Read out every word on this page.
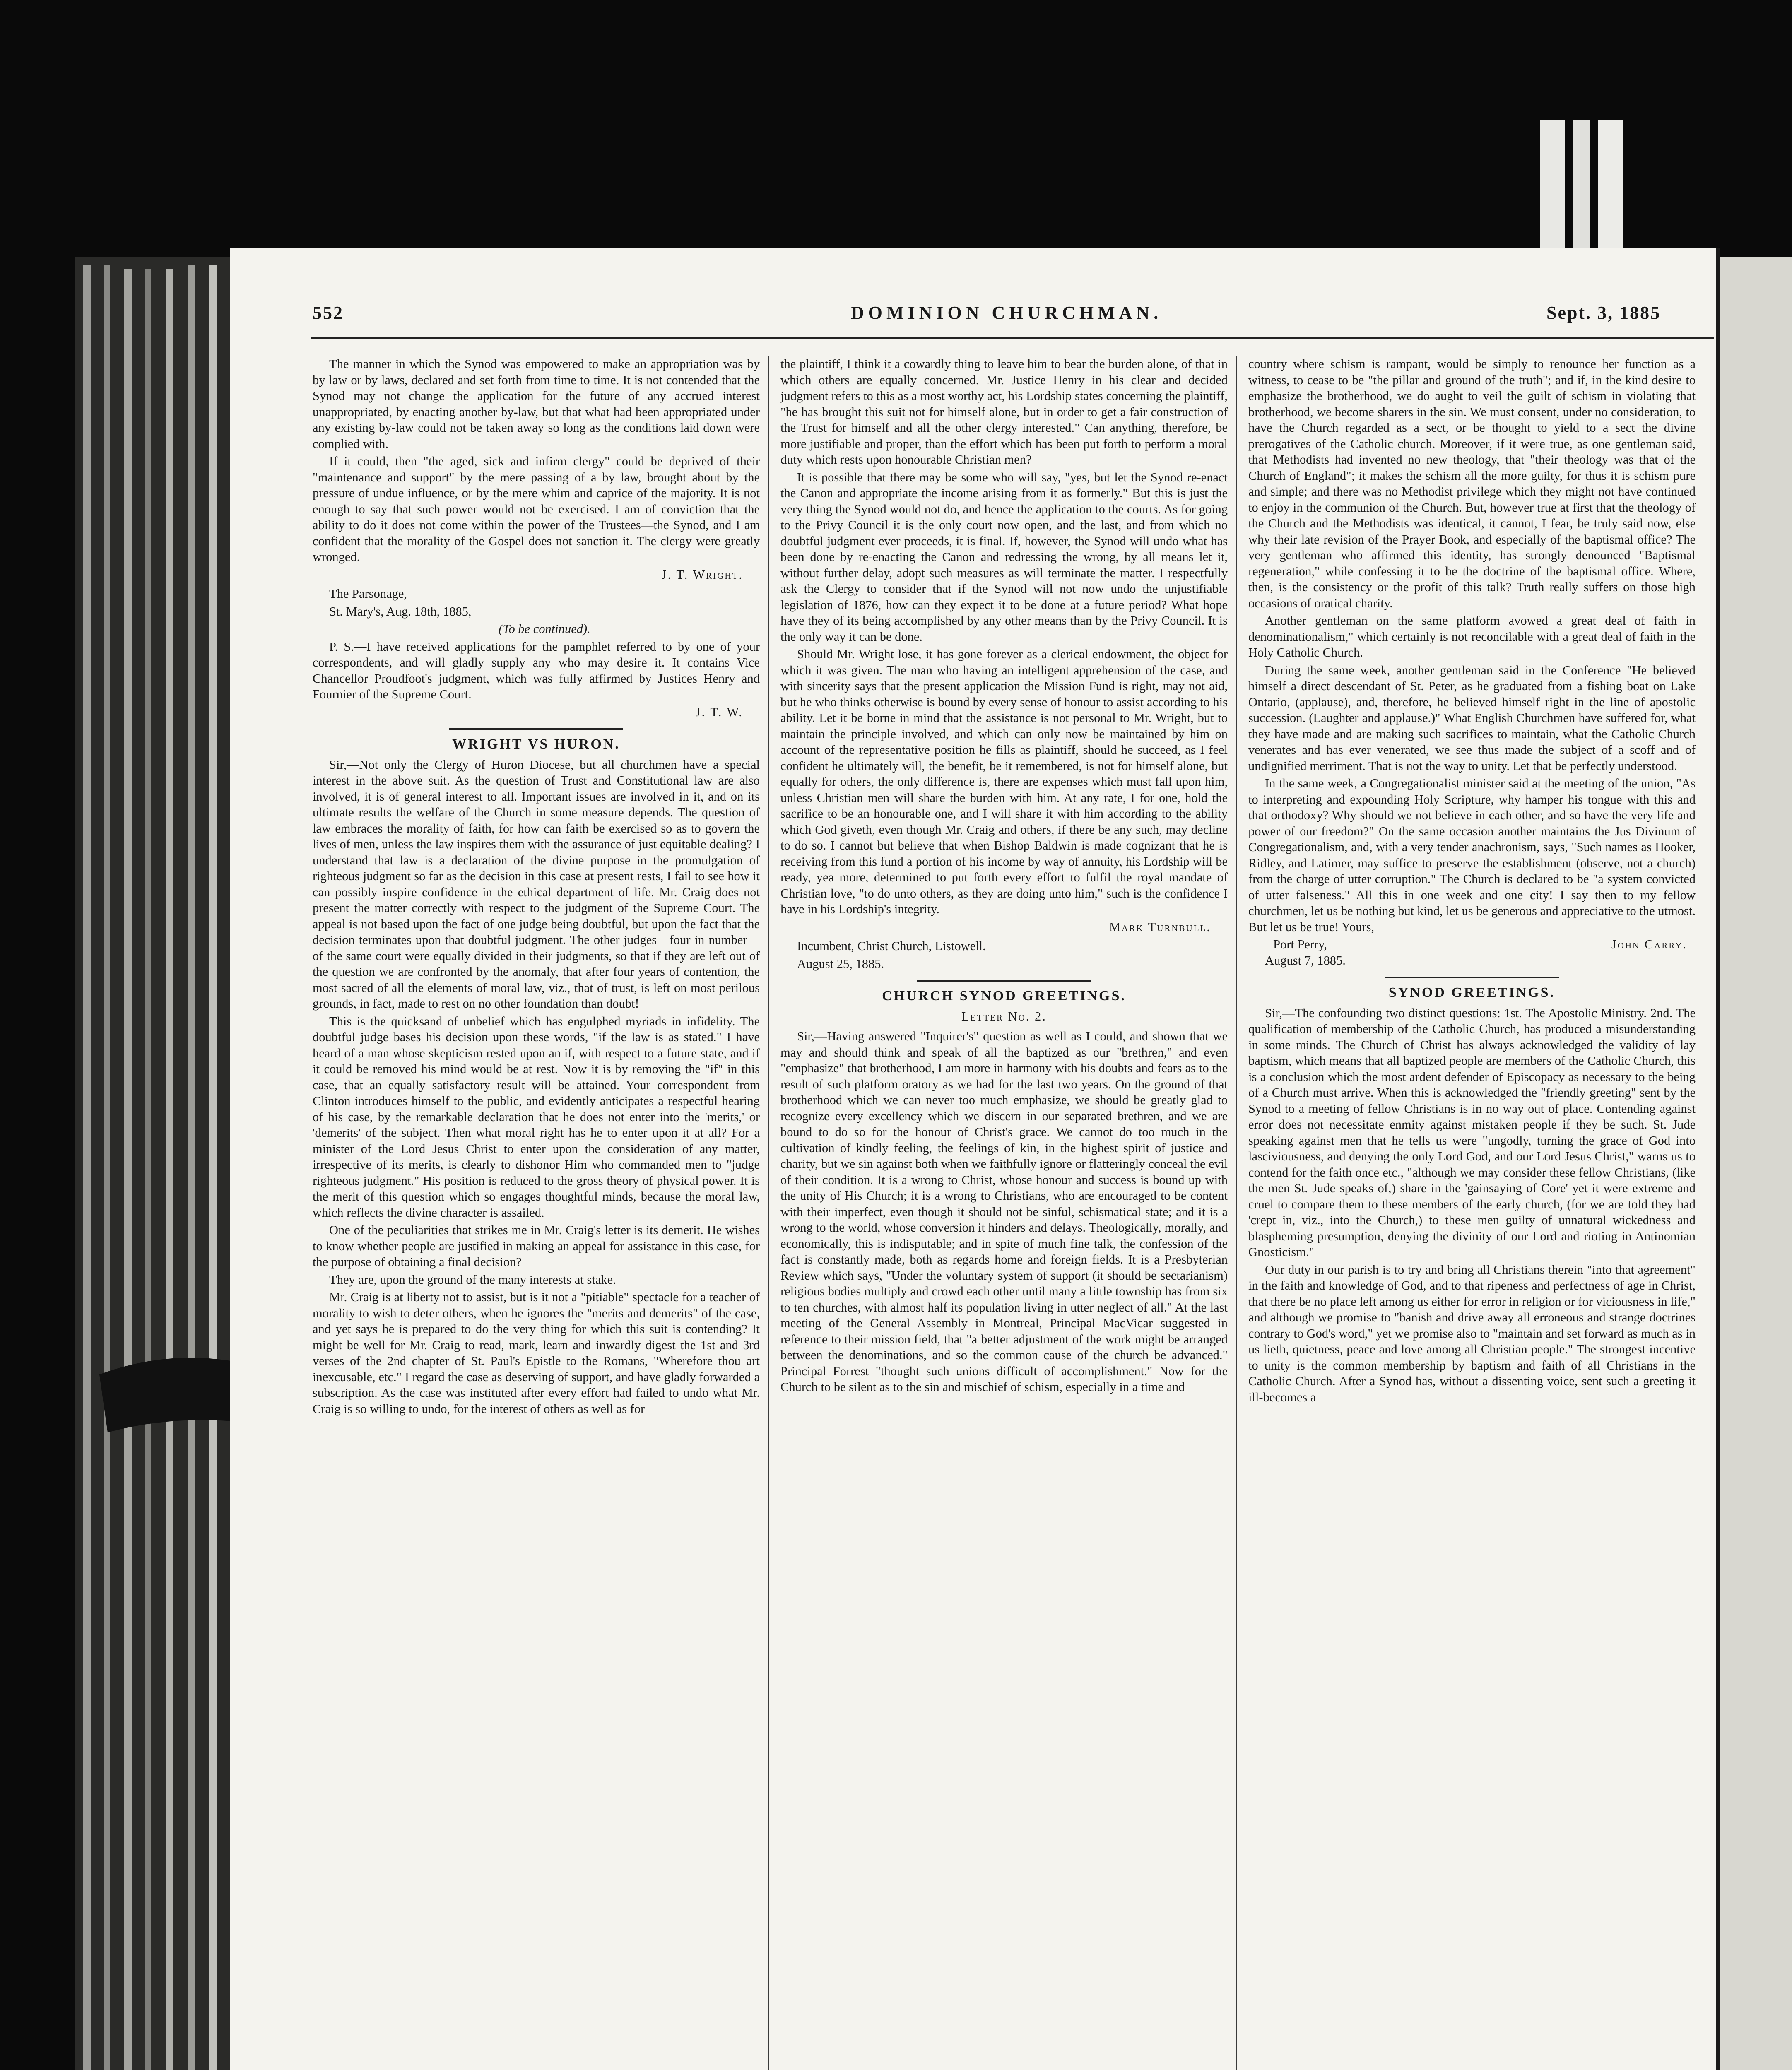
552	DOMINION CHURCHMAN.	Sept. 3, 1885

The manner in which the Synod was empowered to make an appropriation was by by law or by laws, declared and set forth from time to time. It is not contended that the Synod may not change the application for the future of any accrued interest unappropriated, by enacting another by-law, but that what had been appropriated under any existing by-law could not be taken away so long as the conditions laid down were complied with.

If it could, then "the aged, sick and infirm clergy" could be deprived of their "maintenance and support" by the mere passing of a by law, brought about by the pressure of undue influence, or by the mere whim and caprice of the majority. It is not enough to say that such power would not be exercised. I am of conviction that the ability to do it does not come within the power of the Trustees—the Synod, and I am confident that the morality of the Gospel does not sanction it. The clergy were greatly wronged.

J. T. Wright.

The Parsonage,

St. Mary's, Aug. 18th, 1885,

(To be continued).

P. S.—I have received applications for the pamphlet referred to by one of your correspondents, and will gladly supply any who may desire it. It contains Vice Chancellor Proudfoot's judgment, which was fully affirmed by Justices Henry and Fournier of the Supreme Court.

J. T. W.
WRIGHT VS HURON.

Sir,—Not only the Clergy of Huron Diocese, but all churchmen have a special interest in the above suit. As the question of Trust and Constitutional law are also involved, it is of general interest to all. Important issues are involved in it, and on its ultimate results the welfare of the Church in some measure depends. The question of law embraces the morality of faith, for how can faith be exercised so as to govern the lives of men, unless the law inspires them with the assurance of just equitable dealing? I understand that law is a declaration of the divine purpose in the promulgation of righteous judgment so far as the decision in this case at present rests, I fail to see how it can possibly inspire confidence in the ethical department of life. Mr. Craig does not present the matter correctly with respect to the judgment of the Supreme Court. The appeal is not based upon the fact of one judge being doubtful, but upon the fact that the decision terminates upon that doubtful judgment. The other judges—four in number—of the same court were equally divided in their judgments, so that if they are left out of the question we are confronted by the anomaly, that after four years of contention, the most sacred of all the elements of moral law, viz., that of trust, is left on most perilous grounds, in fact, made to rest on no other foundation than doubt!

This is the quicksand of unbelief which has engulphed myriads in infidelity. The doubtful judge bases his decision upon these words, "if the law is as stated." I have heard of a man whose skepticism rested upon an if, with respect to a future state, and if it could be removed his mind would be at rest. Now it is by removing the "if" in this case, that an equally satisfactory result will be attained. Your correspondent from Clinton introduces himself to the public, and evidently anticipates a respectful hearing of his case, by the remarkable declaration that he does not enter into the 'merits,' or 'demerits' of the subject. Then what moral right has he to enter upon it at all? For a minister of the Lord Jesus Christ to enter upon the consideration of any matter, irrespective of its merits, is clearly to dishonor Him who commanded men to "judge righteous judgment." His position is reduced to the gross theory of physical power. It is the merit of this question which so engages thoughtful minds, because the moral law, which reflects the divine character is assailed.

One of the peculiarities that strikes me in Mr. Craig's letter is its demerit. He wishes to know whether people are justified in making an appeal for assistance in this case, for the purpose of obtaining a final decision?

They are, upon the ground of the many interests at stake.

Mr. Craig is at liberty not to assist, but is it not a "pitiable" spectacle for a teacher of morality to wish to deter others, when he ignores the "merits and demerits" of the case, and yet says he is prepared to do the very thing for which this suit is contending? It might be well for Mr. Craig to read, mark, learn and inwardly digest the 1st and 3rd verses of the 2nd chapter of St. Paul's Epistle to the Romans, "Wherefore thou art inexcusable, etc." I regard the case as deserving of support, and have gladly forwarded a subscription. As the case was instituted after every effort had failed to undo what Mr. Craig is so willing to undo, for the interest of others as well as for

the plaintiff, I think it a cowardly thing to leave him to bear the burden alone, of that in which others are equally concerned. Mr. Justice Henry in his clear and decided judgment refers to this as a most worthy act, his Lordship states concerning the plaintiff, "he has brought this suit not for himself alone, but in order to get a fair construction of the Trust for himself and all the other clergy interested." Can anything, therefore, be more justifiable and proper, than the effort which has been put forth to perform a moral duty which rests upon honourable Christian men?

It is possible that there may be some who will say, "yes, but let the Synod re-enact the Canon and appropriate the income arising from it as formerly." But this is just the very thing the Synod would not do, and hence the application to the courts. As for going to the Privy Council it is the only court now open, and the last, and from which no doubtful judgment ever proceeds, it is final. If, however, the Synod will undo what has been done by re-enacting the Canon and redressing the wrong, by all means let it, without further delay, adopt such measures as will terminate the matter. I respectfully ask the Clergy to consider that if the Synod will not now undo the unjustifiable legislation of 1876, how can they expect it to be done at a future period? What hope have they of its being accomplished by any other means than by the Privy Council. It is the only way it can be done.

Should Mr. Wright lose, it has gone forever as a clerical endowment, the object for which it was given. The man who having an intelligent apprehension of the case, and with sincerity says that the present application the Mission Fund is right, may not aid, but he who thinks otherwise is bound by every sense of honour to assist according to his ability. Let it be borne in mind that the assistance is not personal to Mr. Wright, but to maintain the principle involved, and which can only now be maintained by him on account of the representative position he fills as plaintiff, should he succeed, as I feel confident he ultimately will, the benefit, be it remembered, is not for himself alone, but equally for others, the only difference is, there are expenses which must fall upon him, unless Christian men will share the burden with him. At any rate, I for one, hold the sacrifice to be an honourable one, and I will share it with him according to the ability which God giveth, even though Mr. Craig and others, if there be any such, may decline to do so. I cannot but believe that when Bishop Baldwin is made cognizant that he is receiving from this fund a portion of his income by way of annuity, his Lordship will be ready, yea more, determined to put forth every effort to fulfil the royal mandate of Christian love, "to do unto others, as they are doing unto him," such is the confidence I have in his Lordship's integrity.

Mark Turnbull.

Incumbent, Christ Church, Listowell.

August 25, 1885.

CHURCH SYNOD GREETINGS.
Letter No. 2.

Sir,—Having answered "Inquirer's" question as well as I could, and shown that we may and should think and speak of all the baptized as our "brethren," and even "emphasize" that brotherhood, I am more in harmony with his doubts and fears as to the result of such platform oratory as we had for the last two years. On the ground of that brotherhood which we can never too much emphasize, we should be greatly glad to recognize every excellency which we discern in our separated brethren, and we are bound to do so for the honour of Christ's grace. We cannot do too much in the cultivation of kindly feeling, the feelings of kin, in the highest spirit of justice and charity, but we sin against both when we faithfully ignore or flatteringly conceal the evil of their condition. It is a wrong to Christ, whose honour and success is bound up with the unity of His Church; it is a wrong to Christians, who are encouraged to be content with their imperfect, even though it should not be sinful, schismatical state; and it is a wrong to the world, whose conversion it hinders and delays. Theologically, morally, and economically, this is indisputable; and in spite of much fine talk, the confession of the fact is constantly made, both as regards home and foreign fields. It is a Presbyterian Review which says, "Under the voluntary system of support (it should be sectarianism) religious bodies multiply and crowd each other until many a little township has from six to ten churches, with almost half its population living in utter neglect of all." At the last meeting of the General Assembly in Montreal, Principal MacVicar suggested in reference to their mission field, that "a better adjustment of the work might be arranged between the denominations, and so the common cause of the church be advanced." Principal Forrest "thought such unions difficult of accomplishment." Now for the Church to be silent as to the sin and mischief of schism, especially in a time and

country where schism is rampant, would be simply to renounce her function as a witness, to cease to be "the pillar and ground of the truth"; and if, in the kind desire to emphasize the brotherhood, we do aught to veil the guilt of schism in violating that brotherhood, we become sharers in the sin. We must consent, under no consideration, to have the Church regarded as a sect, or be thought to yield to a sect the divine prerogatives of the Catholic church. Moreover, if it were true, as one gentleman said, that Methodists had invented no new theology, that "their theology was that of the Church of England"; it makes the schism all the more guilty, for thus it is schism pure and simple; and there was no Methodist privilege which they might not have continued to enjoy in the communion of the Church. But, however true at first that the theology of the Church and the Methodists was identical, it cannot, I fear, be truly said now, else why their late revision of the Prayer Book, and especially of the baptismal office? The very gentleman who affirmed this identity, has strongly denounced "Baptismal regeneration," while confessing it to be the doctrine of the baptismal office. Where, then, is the consistency or the profit of this talk? Truth really suffers on those high occasions of oratical charity.

Another gentleman on the same platform avowed a great deal of faith in denominationalism," which certainly is not reconcilable with a great deal of faith in the Holy Catholic Church.

During the same week, another gentleman said in the Conference "He believed himself a direct descendant of St. Peter, as he graduated from a fishing boat on Lake Ontario, (applause), and, therefore, he believed himself right in the line of apostolic succession. (Laughter and applause.)" What English Churchmen have suffered for, what they have made and are making such sacrifices to maintain, what the Catholic Church venerates and has ever venerated, we see thus made the subject of a scoff and of undignified merriment. That is not the way to unity. Let that be perfectly understood.

In the same week, a Congregationalist minister said at the meeting of the union, "As to interpreting and expounding Holy Scripture, why hamper his tongue with this and that orthodoxy? Why should we not believe in each other, and so have the very life and power of our freedom?" On the same occasion another maintains the Jus Divinum of Congregationalism, and, with a very tender anachronism, says, "Such names as Hooker, Ridley, and Latimer, may suffice to preserve the establishment (observe, not a church) from the charge of utter corruption." The Church is declared to be "a system convicted of utter falseness." All this in one week and one city! I say then to my fellow churchmen, let us be nothing but kind, let us be generous and appreciative to the utmost. But let us be true! Yours,

Port Perry,	John Carry.

August 7, 1885.

SYNOD GREETINGS.

Sir,—The confounding two distinct questions: 1st. The Apostolic Ministry. 2nd. The qualification of membership of the Catholic Church, has produced a misunderstanding in some minds. The Church of Christ has always acknowledged the validity of lay baptism, which means that all baptized people are members of the Catholic Church, this is a conclusion which the most ardent defender of Episcopacy as necessary to the being of a Church must arrive. When this is acknowledged the "friendly greeting" sent by the Synod to a meeting of fellow Christians is in no way out of place. Contending against error does not necessitate enmity against mistaken people if they be such. St. Jude speaking against men that he tells us were "ungodly, turning the grace of God into lasciviousness, and denying the only Lord God, and our Lord Jesus Christ," warns us to contend for the faith once etc., "although we may consider these fellow Christians, (like the men St. Jude speaks of,) share in the 'gainsaying of Core' yet it were extreme and cruel to compare them to these members of the early church, (for we are told they had 'crept in, viz., into the Church,) to these men guilty of unnatural wickedness and blaspheming presumption, denying the divinity of our Lord and rioting in Antinomian Gnosticism."

Our duty in our parish is to try and bring all Christians therein "into that agreement" in the faith and knowledge of God, and to that ripeness and perfectness of age in Christ, that there be no place left among us either for error in religion or for viciousness in life," and although we promise to "banish and drive away all erroneous and strange doctrines contrary to God's word," yet we promise also to "maintain and set forward as much as in us lieth, quietness, peace and love among all Christian people." The strongest incentive to unity is the common membership by baptism and faith of all Christians in the Catholic Church. After a Synod has, without a dissenting voice, sent such a greeting it ill-becomes a
